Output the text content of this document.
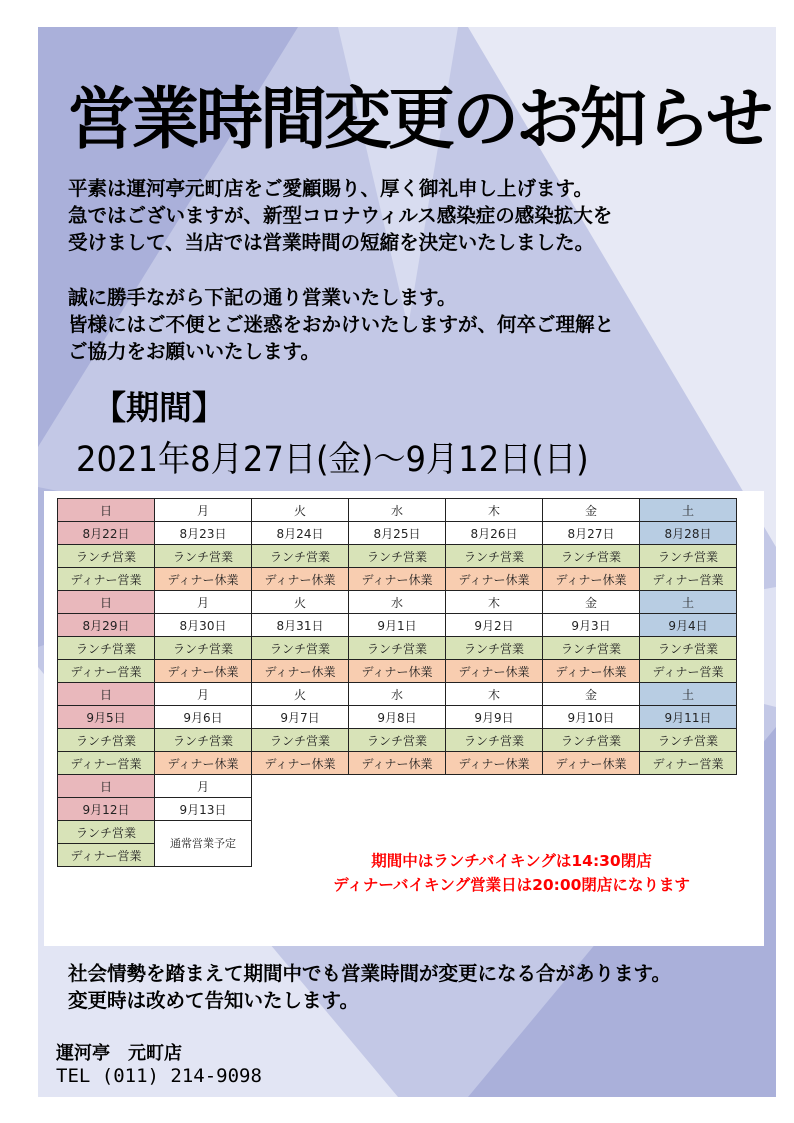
営業時間変更のお知らせ
平素は運河亭元町店をご愛顧賜り、厚く御礼申し上げます。
急ではございますが、新型コロナウィルス感染症の感染拡大を
受けまして、当店では営業時間の短縮を決定いたしました。
誠に勝手ながら下記の通り営業いたします。
皆様にはご不便とご迷惑をおかけいたしますが、何卒ご理解と
ご協力をお願いいたします。
【期間】
2021年8月27日(金)～9月12日(日)
日	月	火	水	木	金	土
8月22日	8月23日	8月24日	8月25日	8月26日	8月27日	8月28日
ランチ営業	ランチ営業	ランチ営業	ランチ営業	ランチ営業	ランチ営業	ランチ営業
ディナー営業	ディナー休業	ディナー休業	ディナー休業	ディナー休業	ディナー休業	ディナー営業
日	月	火	水	木	金	土
8月29日	8月30日	8月31日	9月1日	9月2日	9月3日	9月4日
ランチ営業	ランチ営業	ランチ営業	ランチ営業	ランチ営業	ランチ営業	ランチ営業
ディナー営業	ディナー休業	ディナー休業	ディナー休業	ディナー休業	ディナー休業	ディナー営業
日	月	火	水	木	金	土
9月5日	9月6日	9月7日	9月8日	9月9日	9月10日	9月11日
ランチ営業	ランチ営業	ランチ営業	ランチ営業	ランチ営業	ランチ営業	ランチ営業
ディナー営業	ディナー休業	ディナー休業	ディナー休業	ディナー休業	ディナー休業	ディナー営業
日	月					
9月12日	9月13日					
ランチ営業	通常営業予定					
ディナー営業							期間中はランチバイキングは14:30閉店
ディナーバイキング営業日は20:00閉店になります
社会情勢を踏まえて期間中でも営業時間が変更になる合があります。
変更時は改めて告知いたします。
運河亭　元町店
TEL (011) 214-9098
